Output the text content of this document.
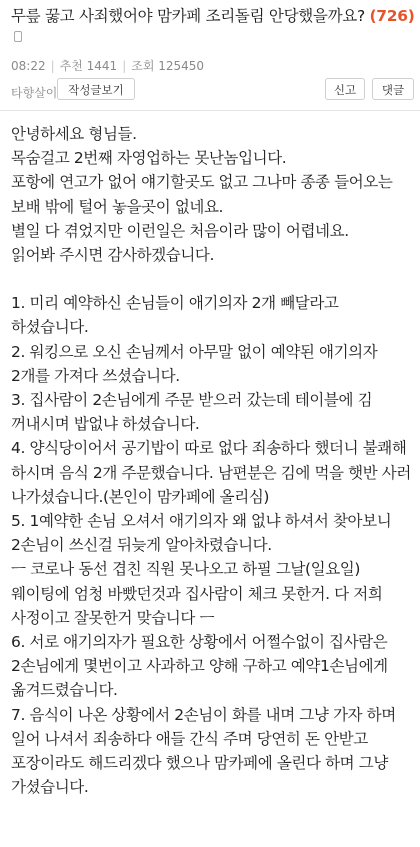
무릎 꿇고 사죄했어야 맘카페 조리돌림 안당했을까요? (726)
08:22 | 추천 1441 | 조회 125450
타향살이 작성글보기	신고	댓글

안녕하세요 형님들.

목숨걸고 2번째 자영업하는 못난놈입니다.

포항에 연고가 없어 얘기할곳도 없고 그나마 종종 들어오는 보배 밖에 털어 놓을곳이 없네요.

별일 다 겪었지만 이런일은 처음이라 많이 어렵네요.

읽어봐 주시면 감사하겠습니다.

1. 미리 예약하신 손님들이 애기의자 2개 빼달라고 하셨습니다.

2. 워킹으로 오신 손님께서 아무말 없이 예약된 애기의자 2개를 가져다 쓰셨습니다.

3. 집사람이 2손님에게 주문 받으러 갔는데 테이블에 김 꺼내시며 밥없냐 하셨습니다.

4. 양식당이어서 공기밥이 따로 없다 죄송하다 했더니 불쾌해 하시며 음식 2개 주문했습니다. 남편분은 김에 먹을 햇반 사러 나가셨습니다.(본인이 맘카페에 올리심)

5. 1예약한 손님 오셔서 애기의자 왜 없냐 하셔서 찾아보니 2손님이 쓰신걸 뒤늦게 알아차렸습니다.

ㅡ 코로나 동선 겹친 직원 못나오고 하필 그날(일요일) 웨이팅에 엄청 바빴던것과 집사람이 체크 못한거. 다 저희 사정이고 잘못한거 맞습니다 ㅡ

6. 서로 애기의자가 필요한 상황에서 어쩔수없이 집사람은 2손님에게 몇번이고 사과하고 양해 구하고 예약1손님에게 옮겨드렸습니다.

7. 음식이 나온 상황에서 2손님이 화를 내며 그냥 가자 하며 일어 나셔서 죄송하다 애들 간식 주며 당연히 돈 안받고 포장이라도 해드리겠다 했으나 맘카페에 올린다 하며 그냥 가셨습니다.
